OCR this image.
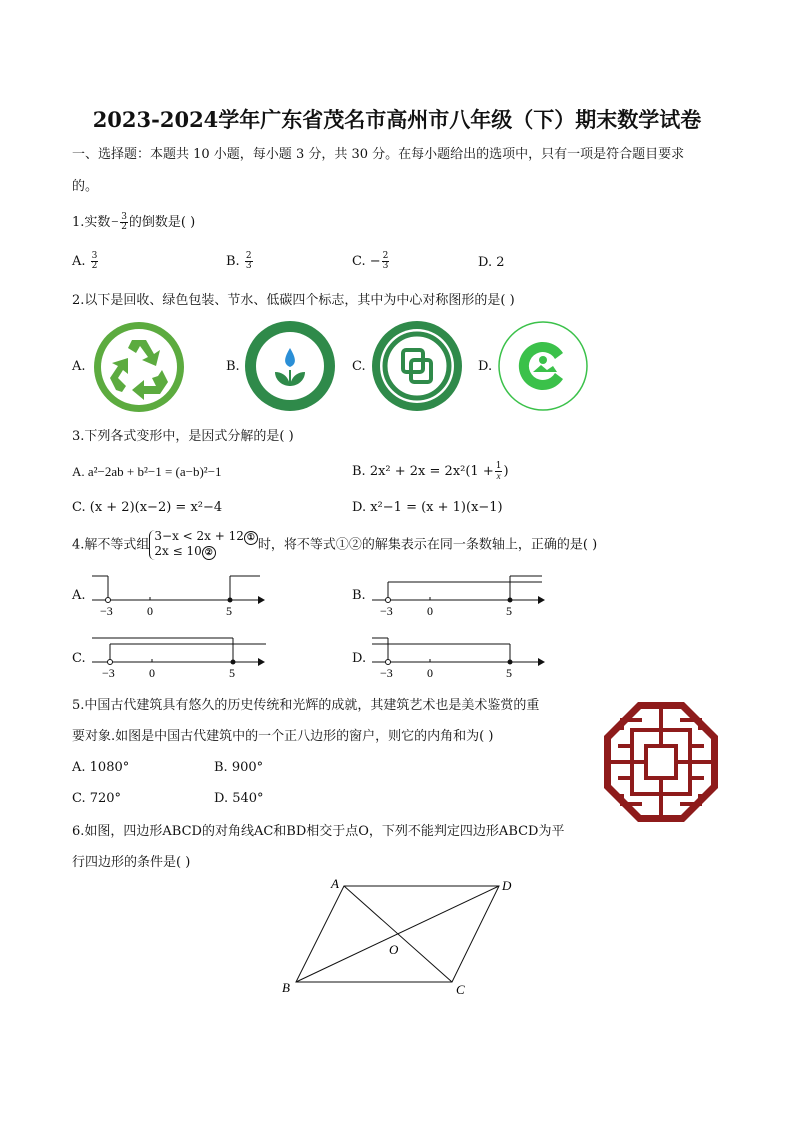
2023-2024学年广东省茂名市高州市八年级（下）期末数学试卷
一、选择题：本题共 10 小题，每小题 3 分，共 30 分。在每小题给出的选项中，只有一项是符合题目要求
的。
1.实数− $\frac{3}{2}$ 的倒数是( )
A. $\frac{3}{2}$	B. $\frac{2}{3}$	C. − $\frac{2}{3}$	D. 2
2.以下是回收、绿色包装、节水、低碳四个标志，其中为中心对称图形的是( )
A.	B.	C.	D.
3.下列各式变形中，是因式分解的是( )
A. a²−2ab + b²−1 = (a−b)²−1	B. $2x^2 + 2x = 2x^2(1 + \frac{1}{x}$ )
C. (x + 2)(x−2) = x²−4	D. x²−1 = (x + 1)(x−1)
4.解不等式组
3−x < 2x + 12 ①
2x ≤ 10 ②
时，将不等式①②的解集表示在同一条数轴上，正确的是( )
A.
−3	0	5
B.
−3	0	5
C.
−3	0	5
D.
−3	0	5
5.中国古代建筑具有悠久的历史传统和光辉的成就，其建筑艺术也是美术鉴赏的重
要对象.如图是中国古代建筑中的一个正八边形的窗户，则它的内角和为( )
A. 1080°	B. 900°
C. 720°	D. 540°
6.如图，四边形ABCD的对角线AC和BD相交于点O，下列不能判定四边形ABCD为平
行四边形的条件是( )
A	D
B	C
O
